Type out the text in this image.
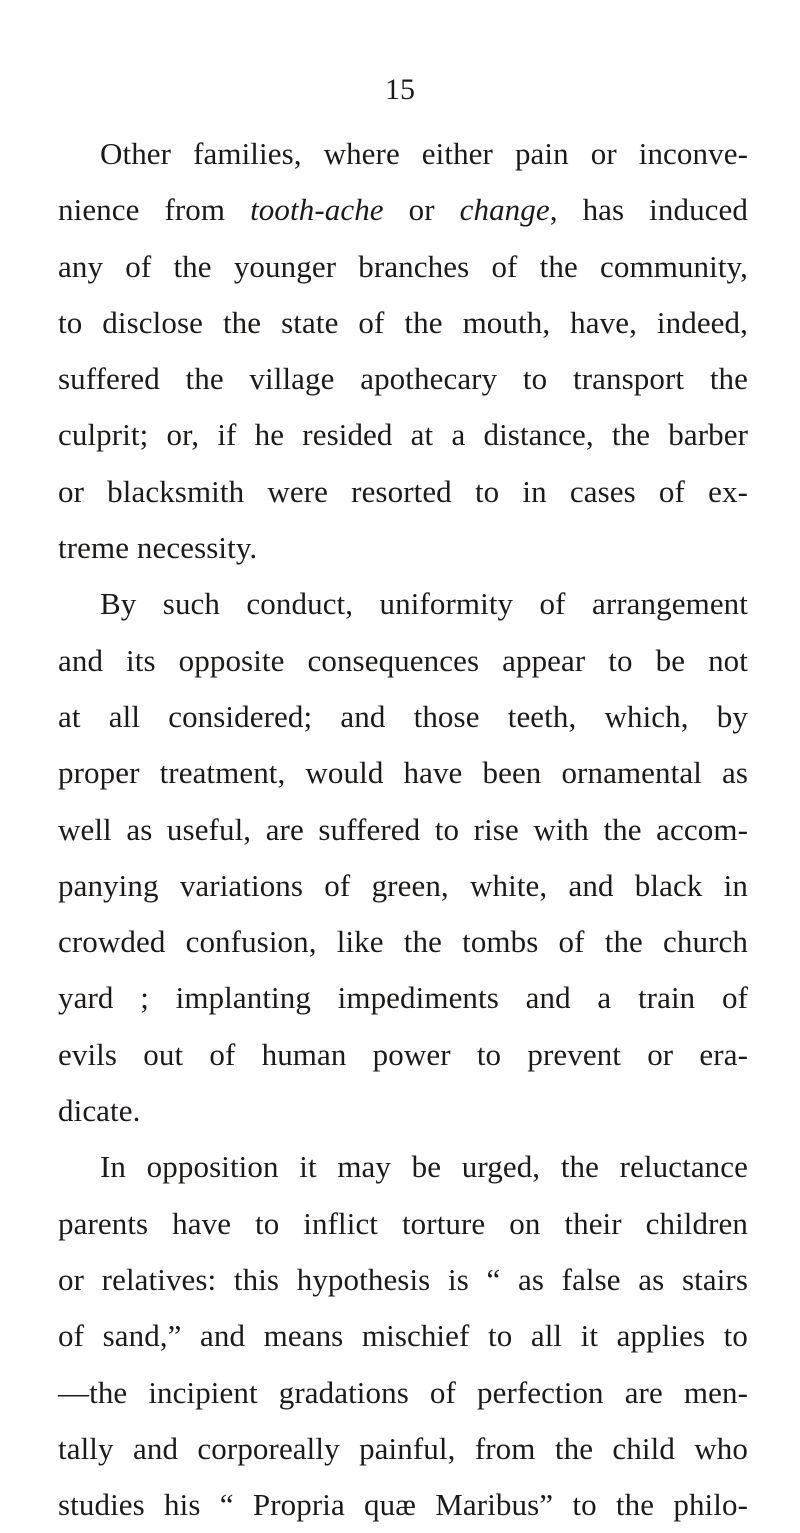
15
Other families, where either pain or inconve-
nience from tooth-ache or change, has induced
any of the younger branches of the community,
to disclose the state of the mouth, have, indeed,
suffered the village apothecary to transport the
culprit; or, if he resided at a distance, the barber
or blacksmith were resorted to in cases of ex-
treme necessity.
By such conduct, uniformity of arrangement
and its opposite consequences appear to be not
at all considered; and those teeth, which, by
proper treatment, would have been ornamental as
well as useful, are suffered to rise with the accom-
panying variations of green, white, and black in
crowded confusion, like the tombs of the church
yard ; implanting impediments and a train of
evils out of human power to prevent or era-
dicate.
In opposition it may be urged, the reluctance
parents have to inflict torture on their children
or relatives: this hypothesis is “ as false as stairs
of sand,” and means mischief to all it applies to
—the incipient gradations of perfection are men-
tally and corporeally painful, from the child who
studies his “ Propria quæ Maribus” to the philo-
